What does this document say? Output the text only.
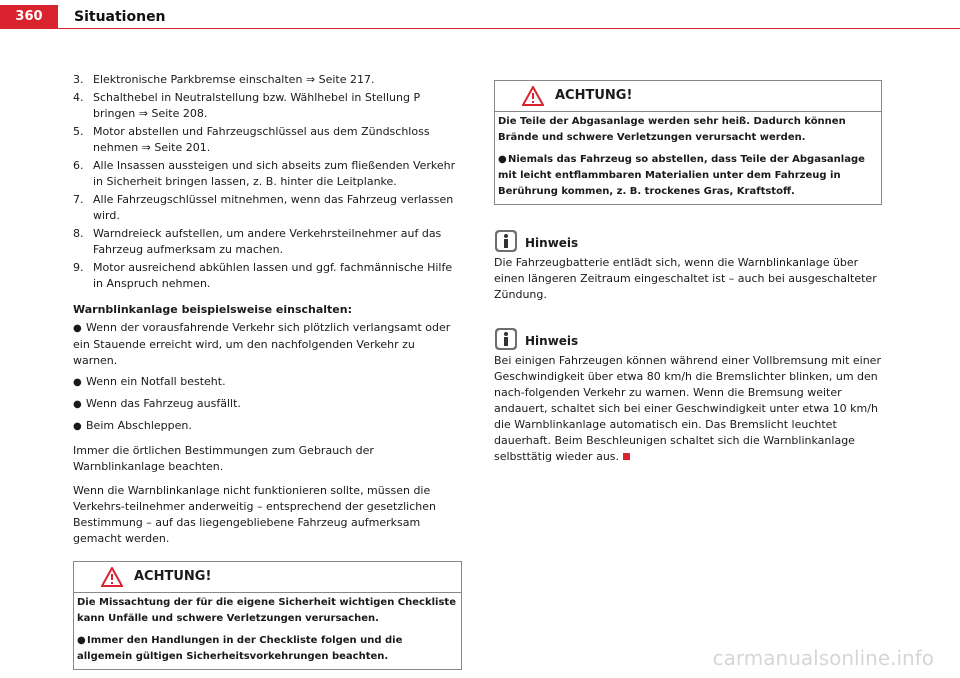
360	Situationen
3. Elektronische Parkbremse einschalten ⇒ Seite 217.
4. Schalthebel in Neutralstellung bzw. Wählhebel in Stellung P bringen ⇒ Seite 208.
5. Motor abstellen und Fahrzeugschlüssel aus dem Zündschloss nehmen ⇒ Seite 201.
6. Alle Insassen aussteigen und sich abseits zum fließenden Verkehr in Sicherheit bringen lassen, z. B. hinter die Leitplanke.
7. Alle Fahrzeugschlüssel mitnehmen, wenn das Fahrzeug verlassen wird.
8. Warndreieck aufstellen, um andere Verkehrsteilnehmer auf das Fahrzeug aufmerksam zu machen.
9. Motor ausreichend abkühlen lassen und ggf. fachmännische Hilfe in Anspruch nehmen.
Warnblinkanlage beispielsweise einschalten:
● Wenn der vorausfahrende Verkehr sich plötzlich verlangsamt oder ein Stauende erreicht wird, um den nachfolgenden Verkehr zu warnen.
● Wenn ein Notfall besteht.
● Wenn das Fahrzeug ausfällt.
● Beim Abschleppen.

Immer die örtlichen Bestimmungen zum Gebrauch der Warnblinkanlage beachten.

Wenn die Warnblinkanlage nicht funktionieren sollte, müssen die Verkehrs-teilnehmer anderweitig – entsprechend der gesetzlichen Bestimmung – auf das liegengebliebene Fahrzeug aufmerksam gemacht werden.

ACHTUNG!
Die Missachtung der für die eigene Sicherheit wichtigen Checkliste kann Unfälle und schwere Verletzungen verursachen.
●Immer den Handlungen in der Checkliste folgen und die allgemein gültigen Sicherheitsvorkehrungen beachten.
ACHTUNG!
Die Teile der Abgasanlage werden sehr heiß. Dadurch können Brände und schwere Verletzungen verursacht werden.
●Niemals das Fahrzeug so abstellen, dass Teile der Abgasanlage mit leicht entflammbaren Materialien unter dem Fahrzeug in Berührung kommen, z. B. trockenes Gras, Kraftstoff.
Hinweis
Die Fahrzeugbatterie entlädt sich, wenn die Warnblinkanlage über einen längeren Zeitraum eingeschaltet ist – auch bei ausgeschalteter Zündung.
Hinweis
Bei einigen Fahrzeugen können während einer Vollbremsung mit einer Geschwindigkeit über etwa 80 km/h die Bremslichter blinken, um den nach-folgenden Verkehr zu warnen. Wenn die Bremsung weiter andauert, schaltet sich bei einer Geschwindigkeit unter etwa 10 km/h die Warnblinkanlage automatisch ein. Das Bremslicht leuchtet dauerhaft. Beim Beschleunigen schaltet sich die Warnblinkanlage selbsttätig wieder aus.
carmanualsonline.info
